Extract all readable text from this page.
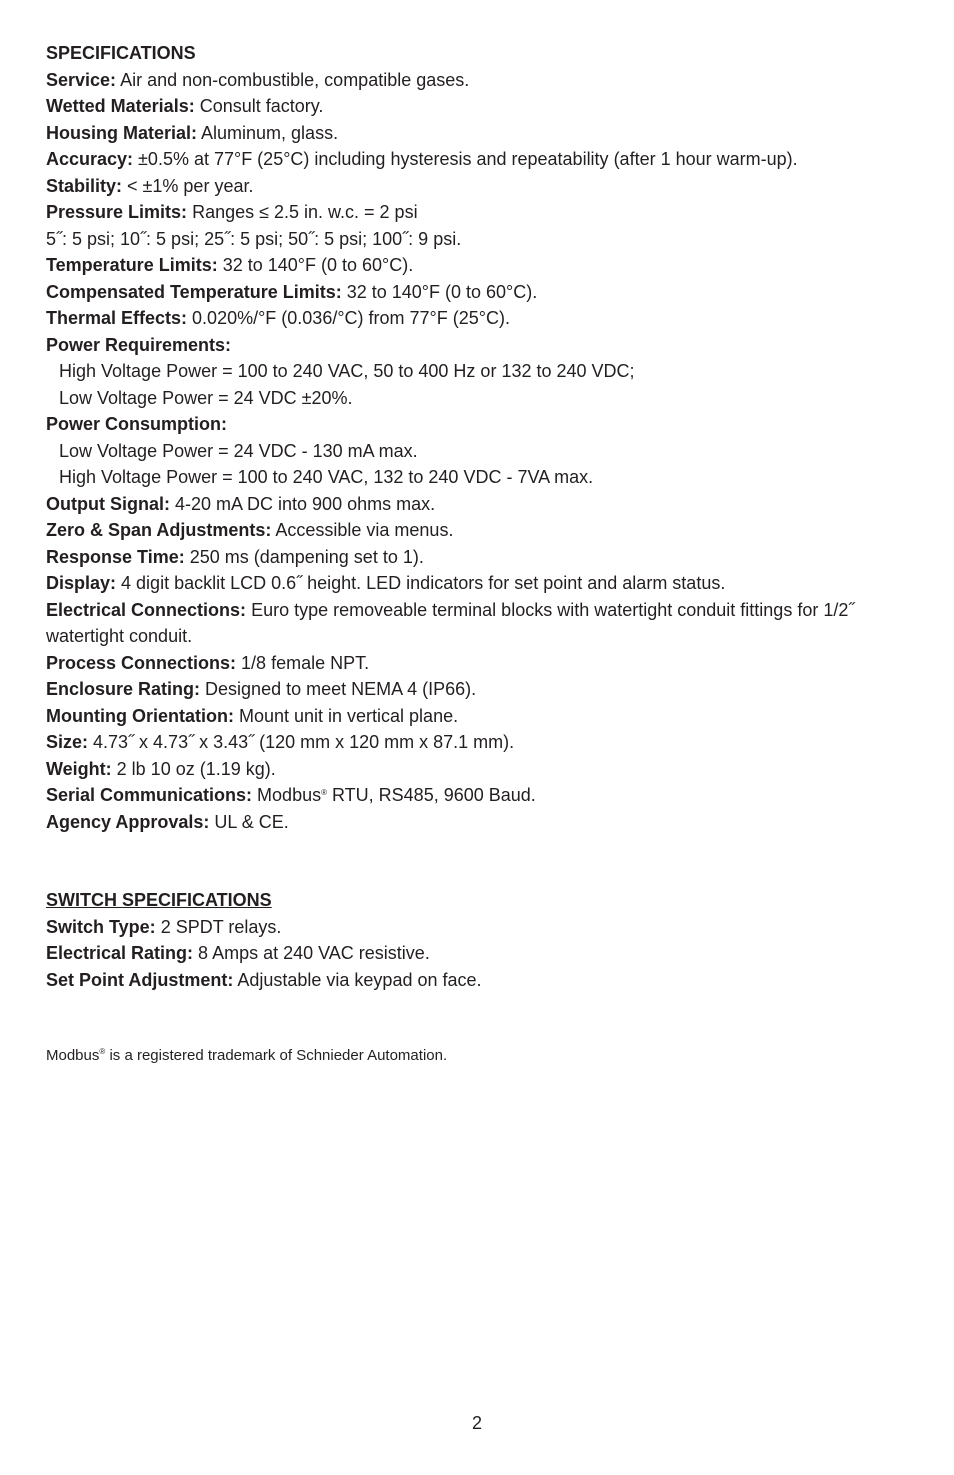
SPECIFICATIONS
Service: Air and non-combustible, compatible gases.
Wetted Materials: Consult factory.
Housing Material: Aluminum, glass.
Accuracy: ±0.5% at 77°F (25°C) including hysteresis and repeatability (after 1 hour warm-up).
Stability: < ±1% per year.
Pressure Limits: Ranges ≤ 2.5 in. w.c. = 2 psi
5˝: 5 psi; 10˝: 5 psi; 25˝: 5 psi; 50˝: 5 psi; 100˝: 9 psi.
Temperature Limits: 32 to 140°F (0 to 60°C).
Compensated Temperature Limits: 32 to 140°F (0 to 60°C).
Thermal Effects: 0.020%/°F (0.036/°C) from 77°F (25°C).
Power Requirements:
High Voltage Power = 100 to 240 VAC, 50 to 400 Hz or 132 to 240 VDC;
Low Voltage Power = 24 VDC ±20%.
Power Consumption:
Low Voltage Power = 24 VDC - 130 mA max.
High Voltage Power = 100 to 240 VAC, 132 to 240 VDC - 7VA max.
Output Signal: 4-20 mA DC into 900 ohms max.
Zero & Span Adjustments: Accessible via menus.
Response Time: 250 ms (dampening set to 1).
Display: 4 digit backlit LCD 0.6˝ height. LED indicators for set point and alarm status.
Electrical Connections: Euro type removeable terminal blocks with watertight conduit fittings for 1/2˝ watertight conduit.
Process Connections: 1/8 female NPT.
Enclosure Rating: Designed to meet NEMA 4 (IP66).
Mounting Orientation: Mount unit in vertical plane.
Size: 4.73˝ x 4.73˝ x 3.43˝ (120 mm x 120 mm x 87.1 mm).
Weight: 2 lb 10 oz (1.19 kg).
Serial Communications: Modbus® RTU, RS485, 9600 Baud.
Agency Approvals: UL & CE.
SWITCH SPECIFICATIONS
Switch Type: 2 SPDT relays.
Electrical Rating: 8 Amps at 240 VAC resistive.
Set Point Adjustment: Adjustable via keypad on face.
Modbus® is a registered trademark of Schnieder Automation.
2
